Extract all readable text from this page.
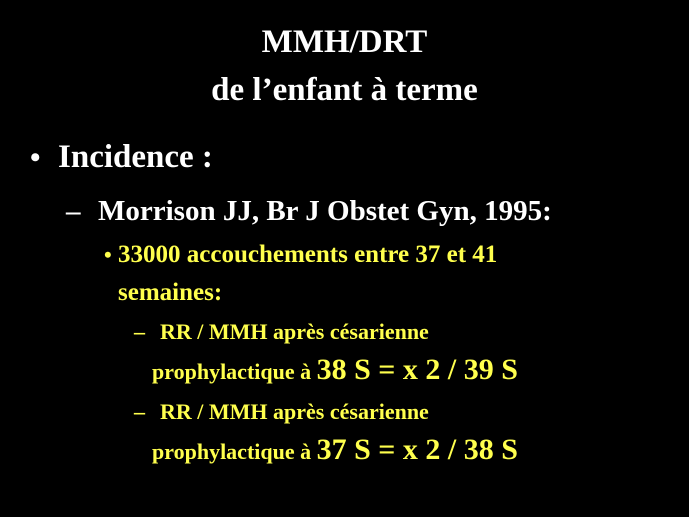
MMH/DRT
de l’enfant à terme
• Incidence :
– Morrison JJ, Br J Obstet Gyn, 1995:
• 33000 accouchements entre 37 et 41
semaines:
– RR / MMH après césarienne
prophylactique à 38 S = x 2 / 39 S
– RR / MMH après césarienne
prophylactique à 37 S = x 2 / 38 S
